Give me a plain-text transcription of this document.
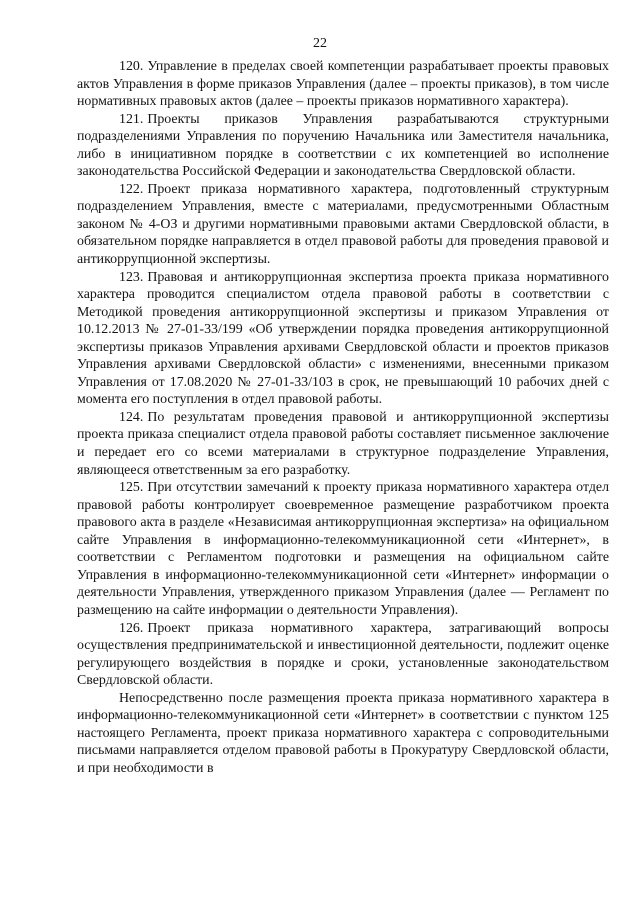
22

120. Управление в пределах своей компетенции разрабатывает проекты правовых актов Управления в форме приказов Управления (далее – проекты приказов), в том числе нормативных правовых актов (далее – проекты приказов нормативного характера).

121. Проекты приказов Управления разрабатываются структурными подразделениями Управления по поручению Начальника или Заместителя начальника, либо в инициативном порядке в соответствии с их компетенцией во исполнение законодательства Российской Федерации и законодательства Свердловской области.

122. Проект приказа нормативного характера, подготовленный структурным подразделением Управления, вместе с материалами, предусмотренными Областным законом № 4-ОЗ и другими нормативными правовыми актами Свердловской области, в обязательном порядке направляется в отдел правовой работы для проведения правовой и антикоррупционной экспертизы.

123. Правовая и антикоррупционная экспертиза проекта приказа нормативного характера проводится специалистом отдела правовой работы в соответствии с Методикой проведения антикоррупционной экспертизы и приказом Управления от 10.12.2013 № 27-01-33/199 «Об утверждении порядка проведения антикоррупционной экспертизы приказов Управления архивами Свердловской области и проектов приказов Управления архивами Свердловской области» с изменениями, внесенными приказом Управления от 17.08.2020 № 27-01-33/103 в срок, не превышающий 10 рабочих дней с момента его поступления в отдел правовой работы.

124. По результатам проведения правовой и антикоррупционной экспертизы проекта приказа специалист отдела правовой работы составляет письменное заключение и передает его со всеми материалами в структурное подразделение Управления, являющееся ответственным за его разработку.

125. При отсутствии замечаний к проекту приказа нормативного характера отдел правовой работы контролирует своевременное размещение разработчиком проекта правового акта в разделе «Независимая антикоррупционная экспертиза» на официальном сайте Управления в информационно-телекоммуникационной сети «Интернет», в соответствии с Регламентом подготовки и размещения на официальном сайте Управления в информационно-телекоммуникационной сети «Интернет» информации о деятельности Управления, утвержденного приказом Управления (далее — Регламент по размещению на сайте информации о деятельности Управления).

126. Проект приказа нормативного характера, затрагивающий вопросы осуществления предпринимательской и инвестиционной деятельности, подлежит оценке регулирующего воздействия в порядке и сроки, установленные законодательством Свердловской области.

Непосредственно после размещения проекта приказа нормативного характера в информационно-телекоммуникационной сети «Интернет» в соответствии с пунктом 125 настоящего Регламента, проект приказа нормативного характера с сопроводительными письмами направляется отделом правовой работы в Прокуратуру Свердловской области, и при необходимости в
